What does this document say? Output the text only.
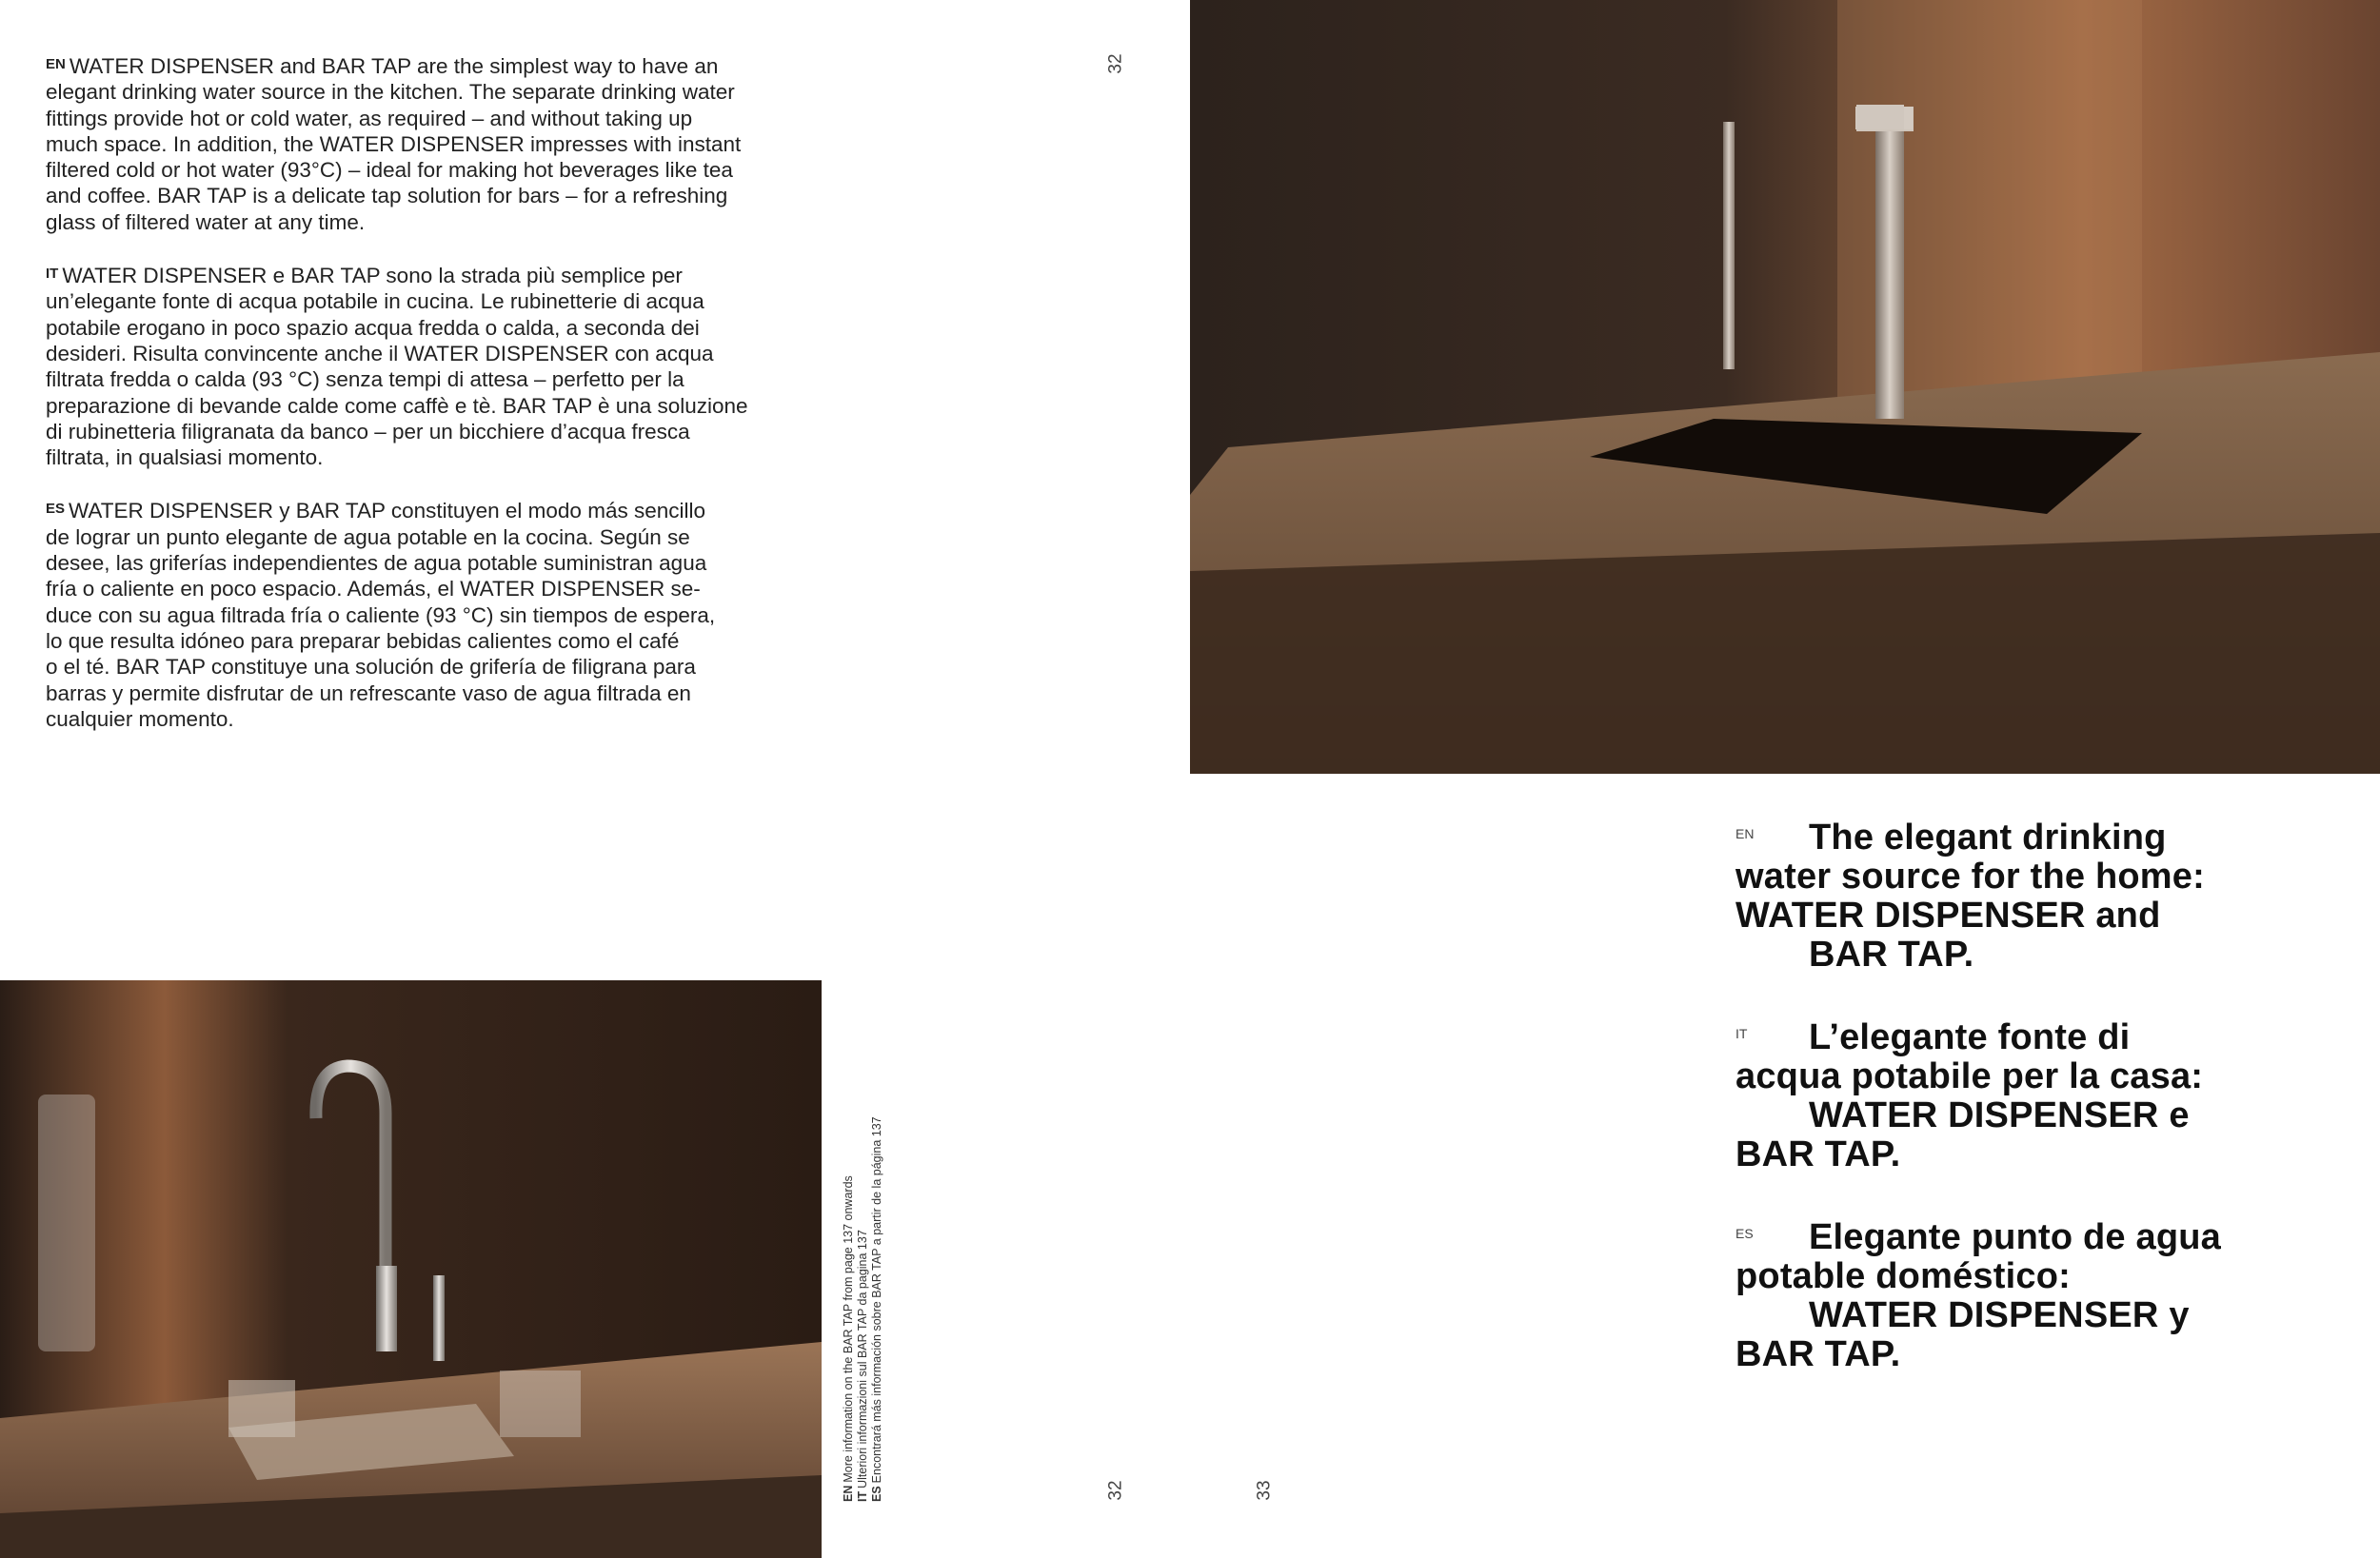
$^{EN}$ WATER DISPENSER and BAR TAP are the simplest way to have an
elegant drinking water source in the kitchen. The separate drinking water
fittings provide hot or cold water, as required – and without taking up
much space. In addition, the WATER DISPENSER impresses with instant
filtered cold or hot water (93°C) – ideal for making hot beverages like tea
and coffee. BAR TAP is a delicate tap solution for bars – for a refreshing
glass of filtered water at any time.

$^{IT}$ WATER DISPENSER e BAR TAP sono la strada più semplice per
un’elegante fonte di acqua potabile in cucina. Le rubinetterie di acqua
potabile erogano in poco spazio acqua fredda o calda, a seconda dei
desideri. Risulta convincente anche il WATER DISPENSER con acqua
filtrata fredda o calda (93 °C) senza tempi di attesa – perfetto per la
preparazione di bevande calde come caffè e tè. BAR TAP è una soluzione
di rubinetteria filigranata da banco – per un bicchiere d’acqua fresca
filtrata, in qualsiasi momento.

$^{ES}$ WATER DISPENSER y BAR TAP constituyen el modo más sencillo
de lograr un punto elegante de agua potable en la cocina. Según se
desee, las griferías independientes de agua potable suministran agua
fría o caliente en poco espacio. Además, el WATER DISPENSER se-
duce con su agua filtrada fría o caliente (93 °C) sin tiempos de espera,
lo que resulta idóneo para preparar bebidas calientes como el café
o el té. BAR TAP constituye una solución de grifería de filigrana para
barras y permite disfrutar de un refrescante vaso de agua filtrada en
cualquier momento.

32
32	33
ENMore information on the BAR TAP from page 137 onwards
ITUlteriori informazioni sul BAR TAP da pagina 137
ESEncontrará más información sobre BAR TAP a partir de la página 137
EN	The elegant drinking
water source for the home:
WATER DISPENSER and
BAR TAP.
IT	L’elegante fonte di
acqua potabile per la casa:
WATER DISPENSER e
BAR TAP.
ES	Elegante punto de agua
potable doméstico:
WATER DISPENSER y
BAR TAP.
